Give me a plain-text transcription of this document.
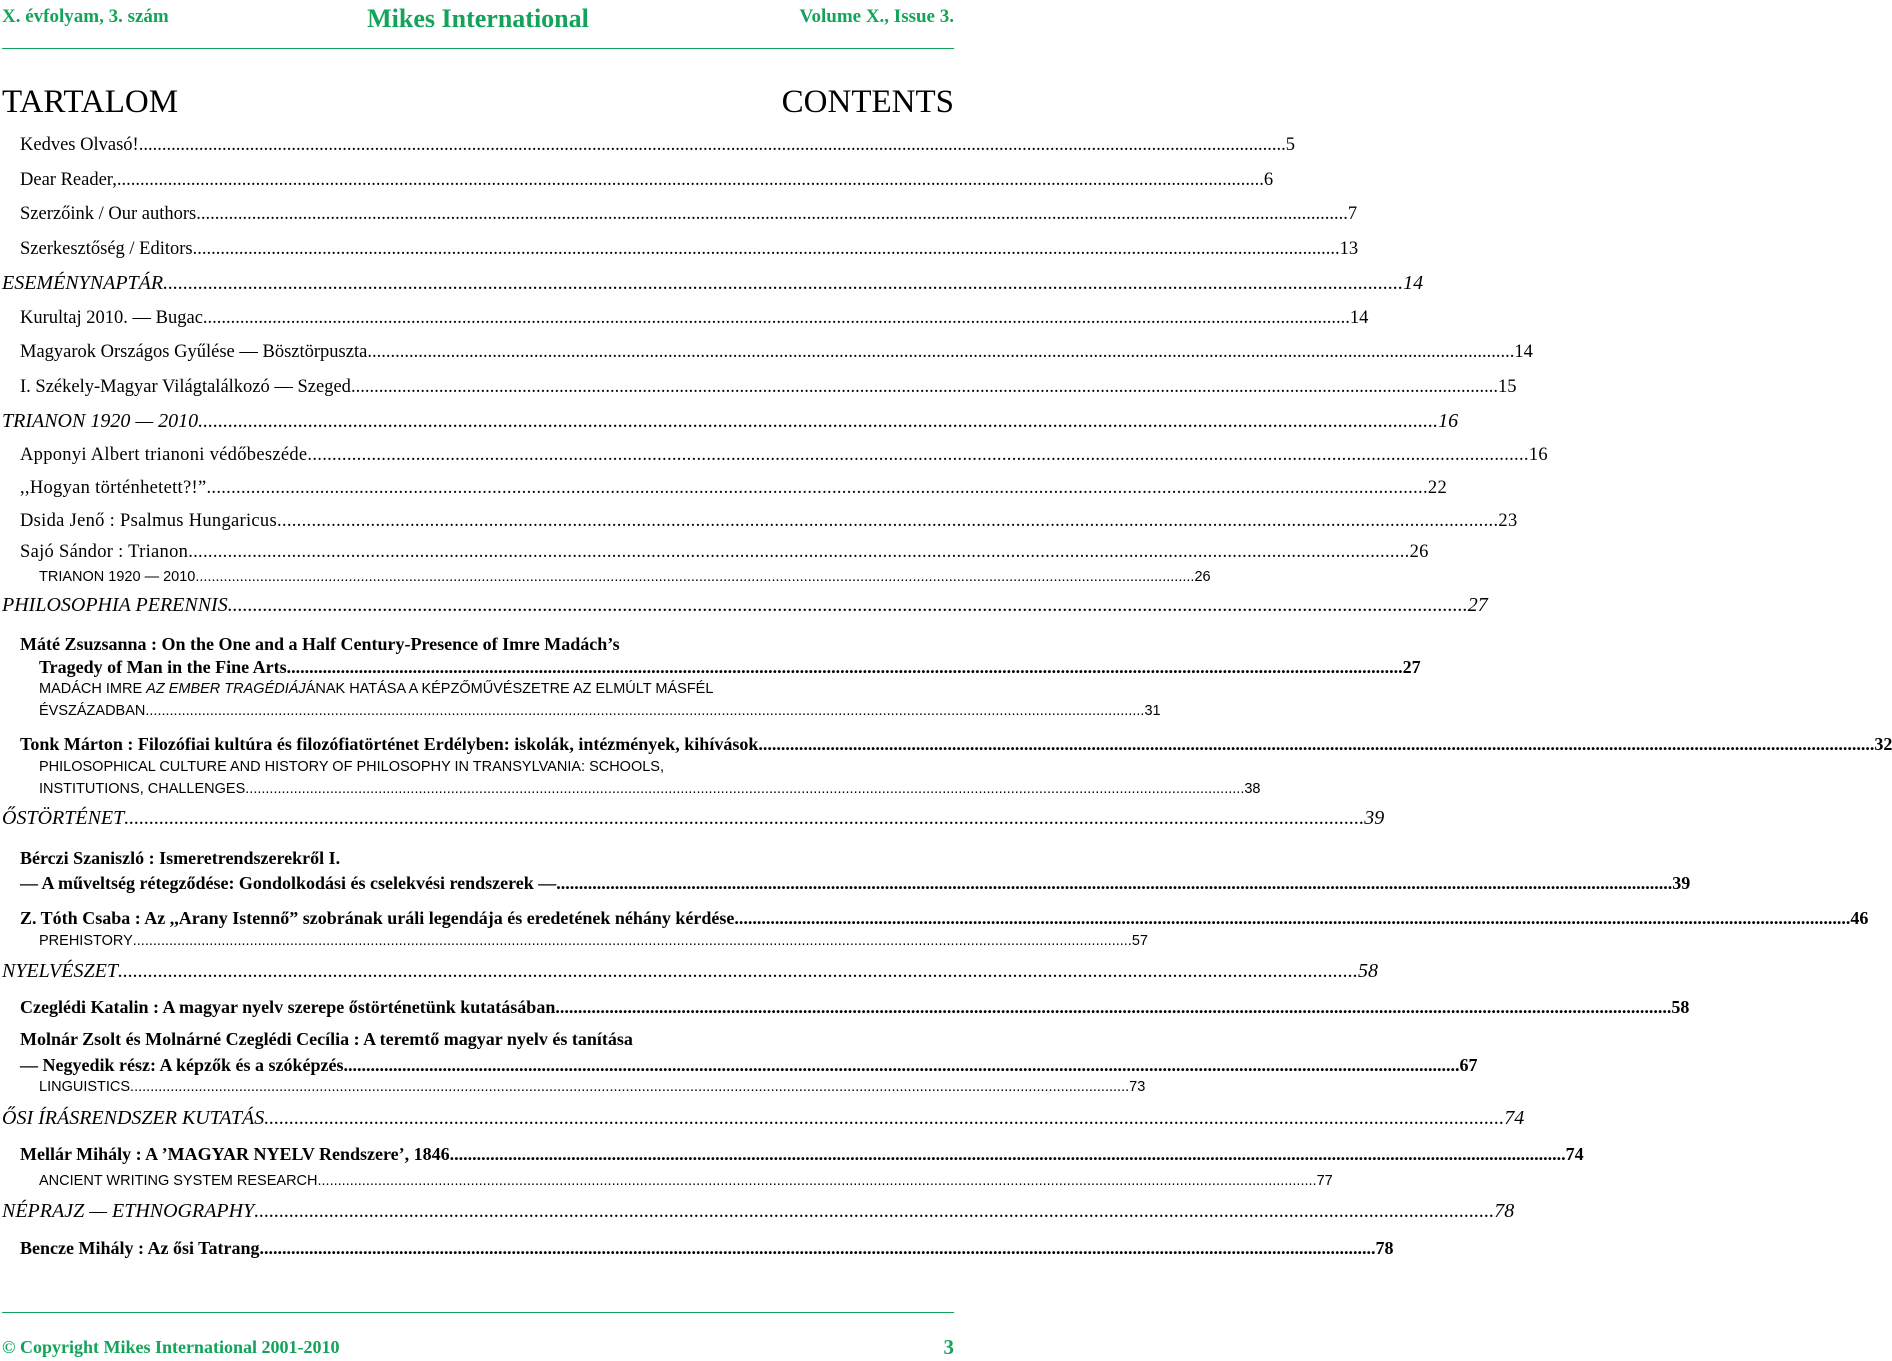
X. évfolyam, 3. szám	Mikes International	Volume X., Issue 3.
TARTALOM	CONTENTS
Kedves Olvasó! .....	5
Dear Reader, .....	6
Szerzőink / Our authors. .....	7
Szerkesztőség / Editors .....	13
ESEMÉNYNAPTÁR .....	14
Kurultaj 2010. — Bugac .....	14
Magyarok Országos Gyűlése — Bösztörpuszta .....	14
I. Székely-Magyar Világtalálkozó — Szeged .....	15
TRIANON 1920 — 2010 .....	16
Apponyi Albert trianoni védőbeszéde .....	16
,,Hogyan történhetett?!” .....	22
Dsida Jenő : Psalmus Hungaricus .....	23
Sajó Sándor : Trianon .....	26
TRIANON 1920 — 2010 .....	26
PHILOSOPHIA PERENNIS .....	27
Máté Zsuzsanna : On the One and a Half Century-Presence of Imre Madách’s
Tragedy of Man in the Fine Arts .....	27
MADÁCH IMRE AZ EMBER TRAGÉDIÁJÁNAK HATÁSA A KÉPZŐMŰVÉSZETRE AZ ELMÚLT MÁSFÉL
ÉVSZÁZADBAN .....	31
Tonk Márton : Filozófiai kultúra és filozófiatörténet Erdélyben: iskolák, intézmények, kihívások .....	32
PHILOSOPHICAL CULTURE AND HISTORY OF PHILOSOPHY IN TRANSYLVANIA: SCHOOLS,
INSTITUTIONS, CHALLENGES .....	38
ŐSTÖRTÉNET .....	39
Bérczi Szaniszló : Ismeretrendszerekről I.
— A műveltség rétegződése: Gondolkodási és cselekvési rendszerek — .....	39
Z. Tóth Csaba : Az ,,Arany Istennő” szobrának uráli legendája és eredetének néhány kérdése .....	46
PREHISTORY .....	57
NYELVÉSZET .....	58
Czeglédi Katalin : A magyar nyelv szerepe őstörténetünk kutatásában .....	58
Molnár Zsolt és Molnárné Czeglédi Cecília : A teremtő magyar nyelv és tanítása
— Negyedik rész: A képzők és a szóképzés .....	67
LINGUISTICS .....	73
ŐSI ÍRÁSRENDSZER KUTATÁS .....	74
Mellár Mihály : A ’MAGYAR NYELV Rendszere’, 1846 .....	74
ANCIENT WRITING SYSTEM RESEARCH .....	77
NÉPRAJZ — ETHNOGRAPHY .....	78
Bencze Mihály : Az ősi Tatrang .....	78
© Copyright Mikes International 2001-2010	3
